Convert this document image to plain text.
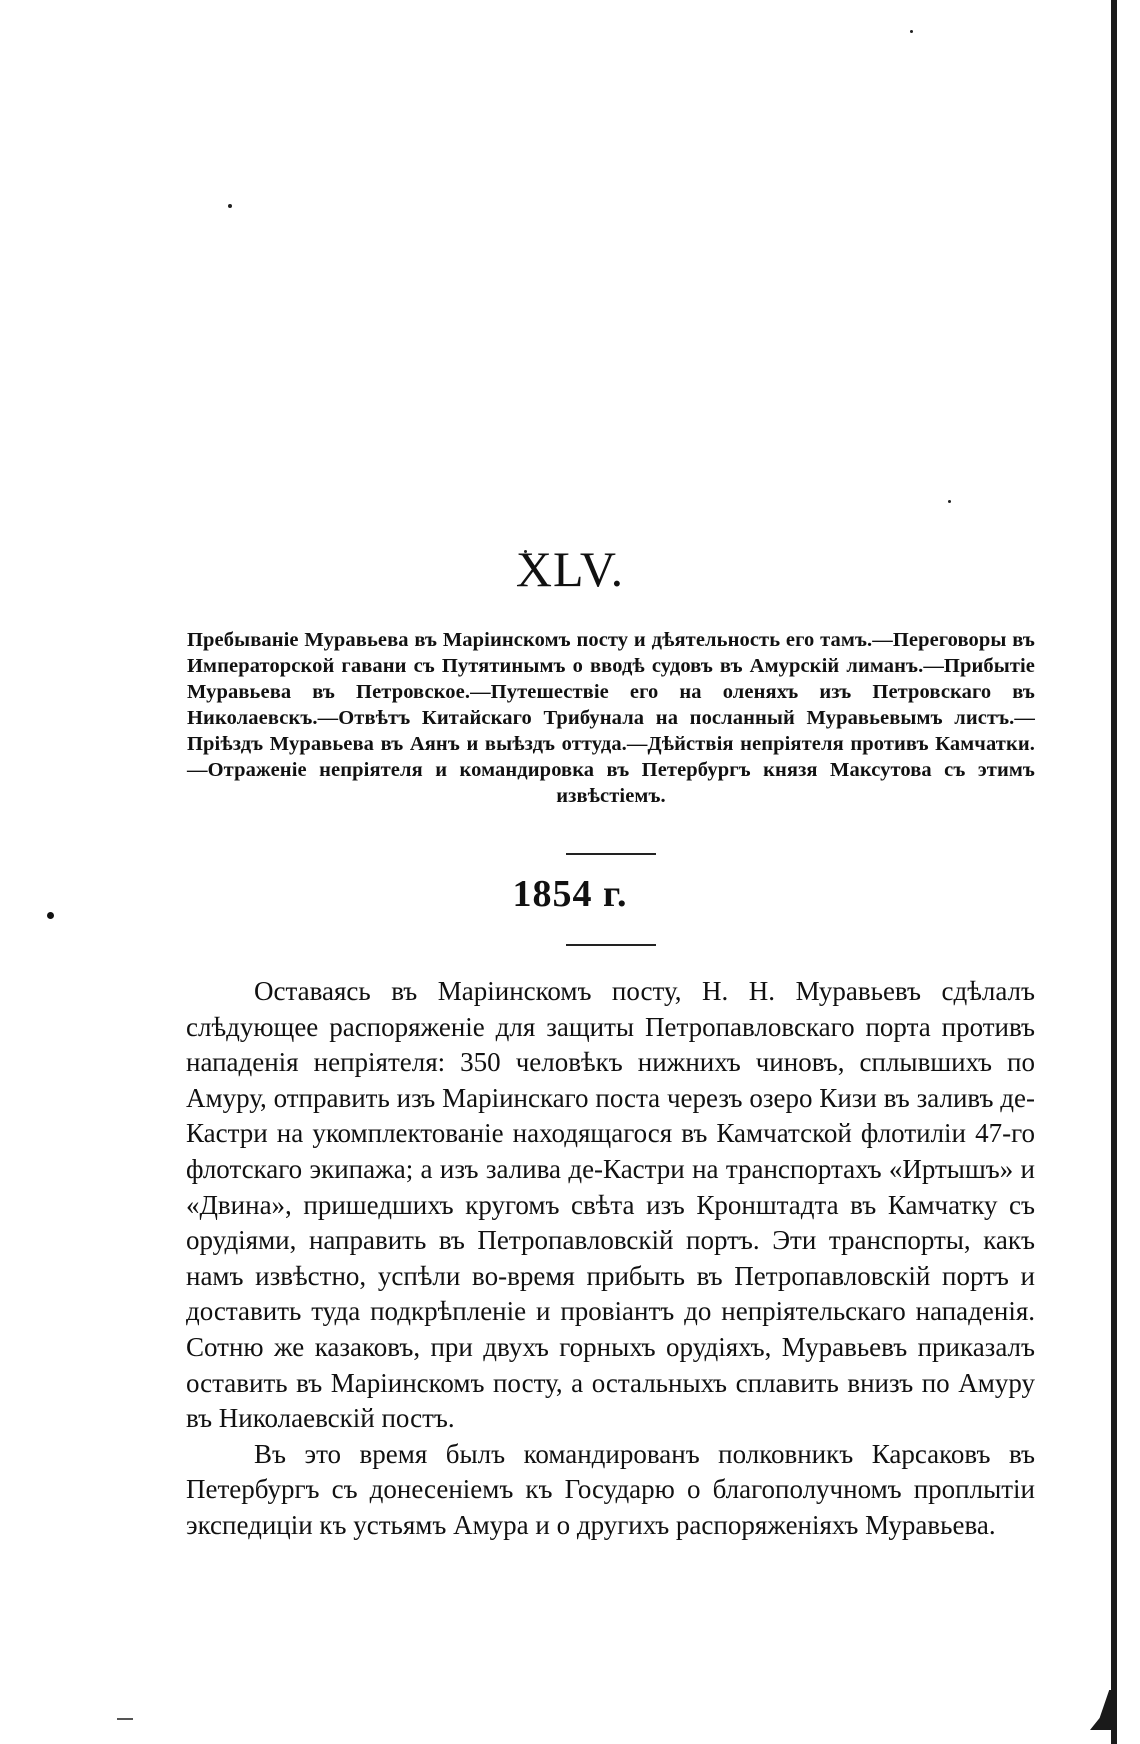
XLV.

Пребываніе Муравьева въ Маріинскомъ посту и дѣятельность его тамъ.—Переговоры въ Императорской гавани съ Путятинымъ о вводѣ судовъ въ Амурскій лиманъ.—Прибытіе Муравьева въ Петровское.—Путешествіе его на оленяхъ изъ Петровскаго въ Николаевскъ.—Отвѣтъ Китайскаго Трибунала на посланный Муравьевымъ листъ.—Пріѣздъ Муравьева въ Аянъ и выѣздъ оттуда.—Дѣйствія непріятеля противъ Камчатки.—Отраженіе непріятеля и командировка въ Петербургъ князя Максутова съ этимъ извѣстіемъ.

1854 г.

Оставаясь въ Маріинскомъ посту, Н. Н. Муравьевъ сдѣлалъ слѣдующее распоряженіе для защиты Петропавловскаго порта противъ нападенія непріятеля: 350 человѣкъ нижнихъ чиновъ, сплывшихъ по Амуру, отправить изъ Маріинскаго поста черезъ озеро Кизи въ заливъ де-Кастри на укомплектованіе находящагося въ Камчатской флотиліи 47-го флотскаго экипажа; а изъ залива де-Кастри на транспортахъ «Иртышъ» и «Двина», пришедшихъ кругомъ свѣта изъ Кронштадта въ Камчатку съ орудіями, направить въ Петропавловскій портъ. Эти транспорты, какъ намъ извѣстно, успѣли во-время прибыть въ Петропавловскій портъ и доставить туда подкрѣпленіе и провіантъ до непріятельскаго нападенія. Сотню же казаковъ, при двухъ горныхъ орудіяхъ, Муравьевъ приказалъ оставить въ Маріинскомъ посту, а остальныхъ сплавить внизъ по Амуру въ Николаевскій постъ.

Въ это время былъ командированъ полковникъ Карсаковъ въ Петербургъ съ донесеніемъ къ Государю о благополучномъ проплытіи экспедиціи къ устьямъ Амура и о другихъ распоряженіяхъ Муравьева.
